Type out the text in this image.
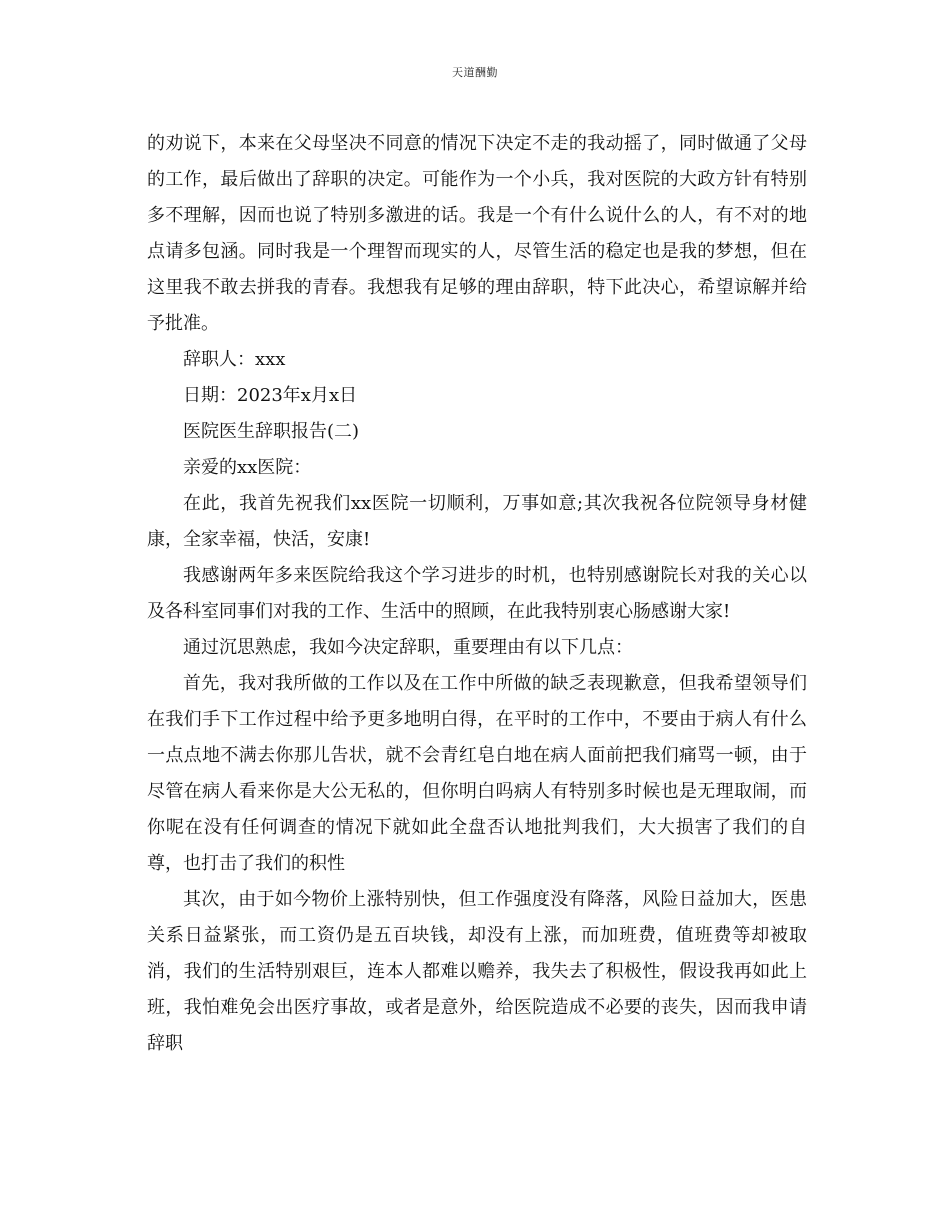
天道酬勤

的劝说下，本来在父母坚决不同意的情况下决定不走的我动摇了，同时做通了父母的工作，最后做出了辞职的决定。可能作为一个小兵，我对医院的大政方针有特别多不理解，因而也说了特别多激进的话。我是一个有什么说什么的人，有不对的地点请多包涵。同时我是一个理智而现实的人，尽管生活的稳定也是我的梦想，但在这里我不敢去拼我的青春。我想我有足够的理由辞职，特下此决心，希望谅解并给予批准。

辞职人：xxx

日期：2023年x月x日

医院医生辞职报告(二)

亲爱的xx医院：

在此，我首先祝我们xx医院一切顺利，万事如意;其次我祝各位院领导身材健康，全家幸福，快活，安康!

我感谢两年多来医院给我这个学习进步的时机，也特别感谢院长对我的关心以及各科室同事们对我的工作、生活中的照顾，在此我特别衷心肠感谢大家!

通过沉思熟虑，我如今决定辞职，重要理由有以下几点：

首先，我对我所做的工作以及在工作中所做的缺乏表现歉意，但我希望领导们在我们手下工作过程中给予更多地明白得，在平时的工作中，不要由于病人有什么一点点地不满去你那儿告状，就不会青红皂白地在病人面前把我们痛骂一顿，由于尽管在病人看来你是大公无私的，但你明白吗病人有特别多时候也是无理取闹，而你呢在没有任何调查的情况下就如此全盘否认地批判我们，大大损害了我们的自尊，也打击了我们的积性

其次，由于如今物价上涨特别快，但工作强度没有降落，风险日益加大，医患关系日益紧张，而工资仍是五百块钱，却没有上涨，而加班费，值班费等却被取消，我们的生活特别艰巨，连本人都难以赡养，我失去了积极性，假设我再如此上班，我怕难免会出医疗事故，或者是意外，给医院造成不必要的丧失，因而我申请辞职
